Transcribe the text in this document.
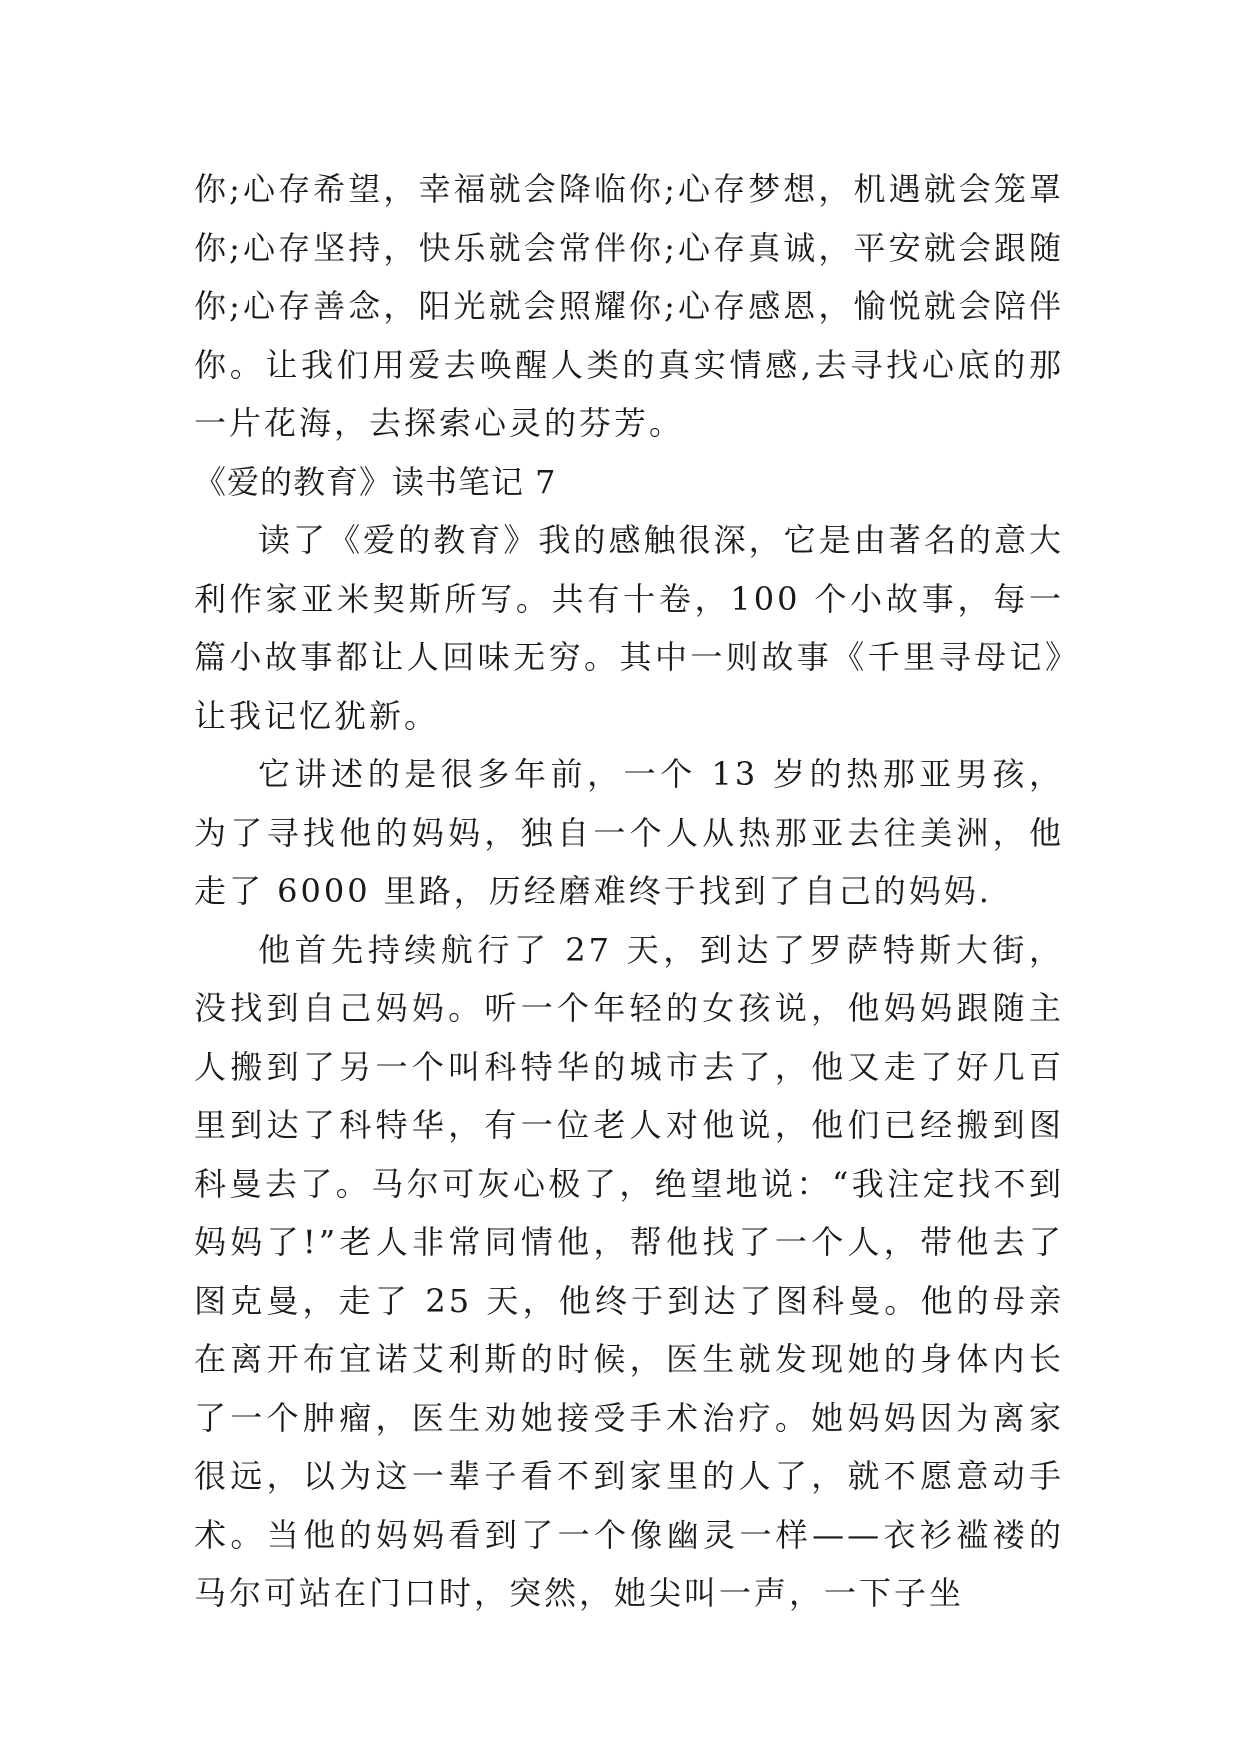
你;心存希望，幸福就会降临你;心存梦想，机遇就会笼罩你;心存坚持，快乐就会常伴你;心存真诚，平安就会跟随你;心存善念，阳光就会照耀你;心存感恩，愉悦就会陪伴你。让我们用爱去唤醒人类的真实情感,去寻找心底的那一片花海，去探索心灵的芬芳。

《爱的教育》读书笔记 7

读了《爱的教育》我的感触很深，它是由著名的意大利作家亚米契斯所写。共有十卷，100 个小故事，每一篇小故事都让人回味无穷。其中一则故事《千里寻母记》让我记忆犹新。

它讲述的是很多年前，一个 13 岁的热那亚男孩，为了寻找他的妈妈，独自一个人从热那亚去往美洲，他走了 6000 里路，历经磨难终于找到了自己的妈妈.

他首先持续航行了 27 天，到达了罗萨特斯大街，没找到自己妈妈。听一个年轻的女孩说，他妈妈跟随主人搬到了另一个叫科特华的城市去了，他又走了好几百里到达了科特华，有一位老人对他说，他们已经搬到图科曼去了。马尔可灰心极了，绝望地说：“我注定找不到妈妈了!”老人非常同情他，帮他找了一个人，带他去了图克曼，走了 25 天，他终于到达了图科曼。他的母亲在离开布宜诺艾利斯的时候，医生就发现她的身体内长了一个肿瘤，医生劝她接受手术治疗。她妈妈因为离家很远，以为这一辈子看不到家里的人了，就不愿意动手术。当他的妈妈看到了一个像幽灵一样——衣衫褴褛的马尔可站在门口时，突然，她尖叫一声，一下子坐
